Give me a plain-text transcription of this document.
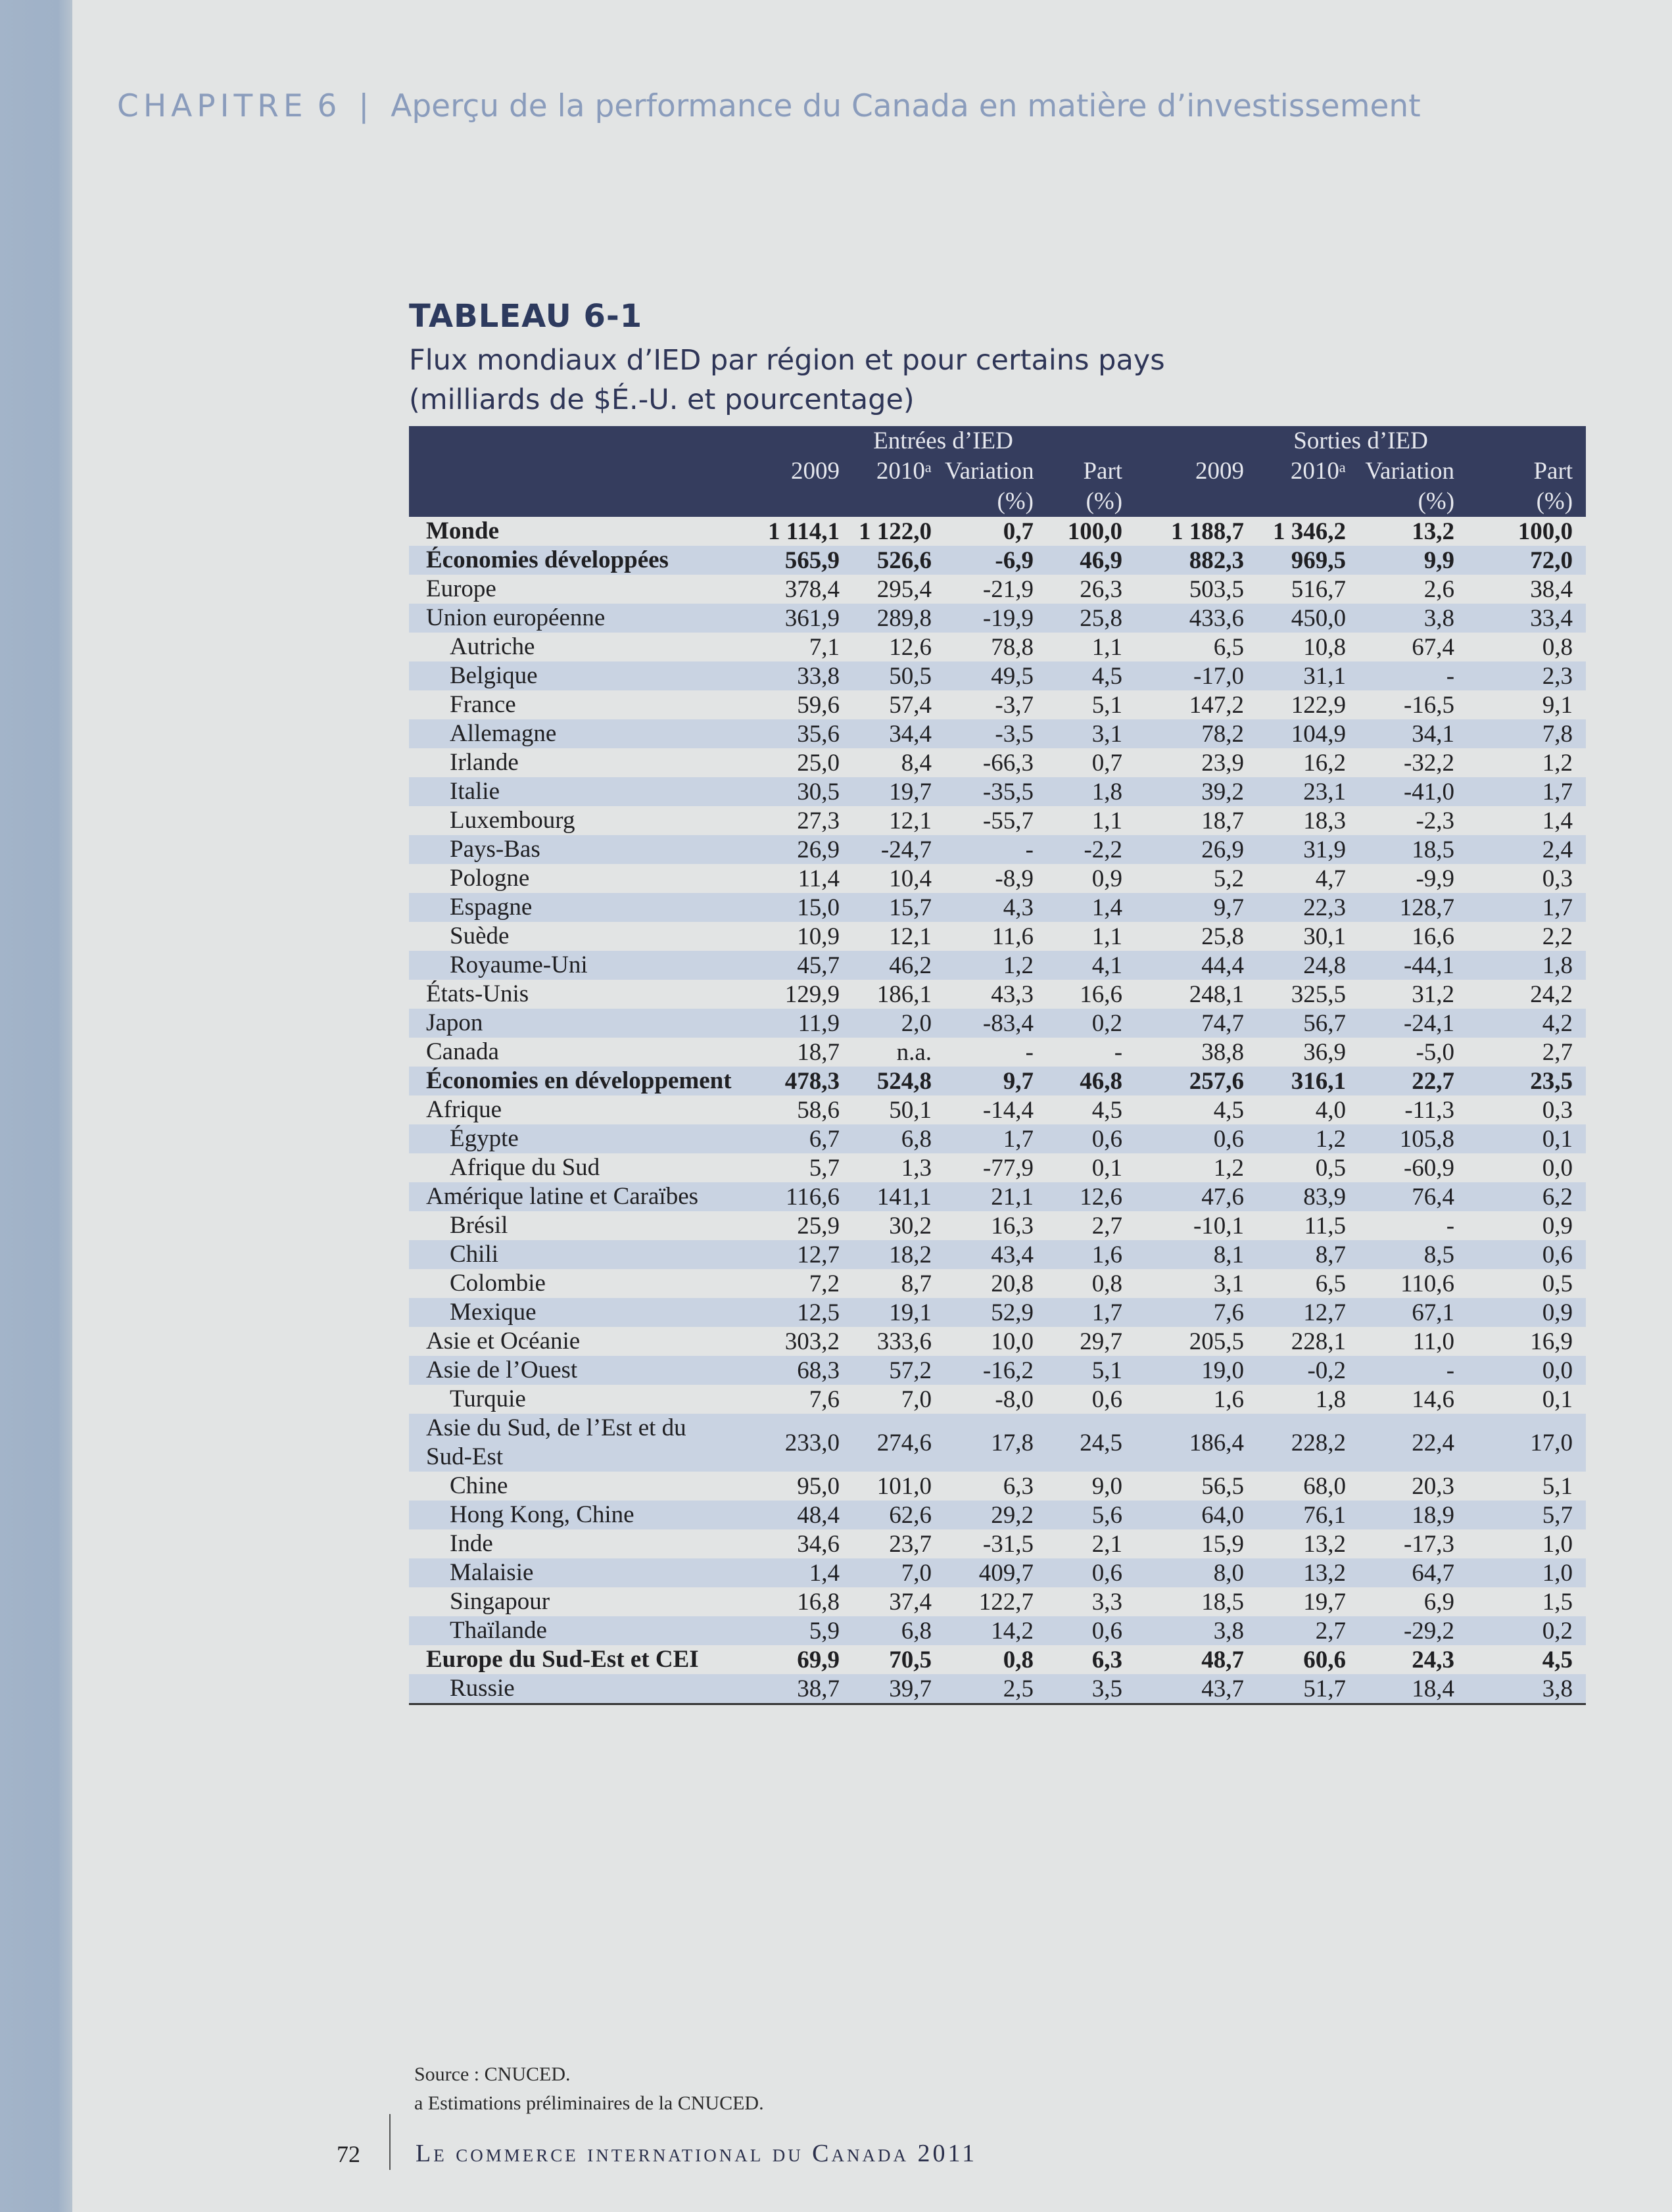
CHAPITRE 6 | Aperçu de la performance du Canada en matière d’investissement
TABLEAU 6-1
Flux mondiaux d’IED par région et pour certains pays
(milliards de $É.-U. et pourcentage)
	Entrées d’IED				Sorties d’IED			
	2009	2010ᵃ	Variation	Part	2009	2010ᵃ	Variation	Part
			(%)	(%)			(%)	(%)
Monde	1 114,1	1 122,0	0,7	100,0	1 188,7	1 346,2	13,2	100,0
Économies développées	565,9	526,6	-6,9	46,9	882,3	969,5	9,9	72,0
Europe	378,4	295,4	-21,9	26,3	503,5	516,7	2,6	38,4
Union européenne	361,9	289,8	-19,9	25,8	433,6	450,0	3,8	33,4
Autriche	7,1	12,6	78,8	1,1	6,5	10,8	67,4	0,8
Belgique	33,8	50,5	49,5	4,5	-17,0	31,1	-	2,3
France	59,6	57,4	-3,7	5,1	147,2	122,9	-16,5	9,1
Allemagne	35,6	34,4	-3,5	3,1	78,2	104,9	34,1	7,8
Irlande	25,0	8,4	-66,3	0,7	23,9	16,2	-32,2	1,2
Italie	30,5	19,7	-35,5	1,8	39,2	23,1	-41,0	1,7
Luxembourg	27,3	12,1	-55,7	1,1	18,7	18,3	-2,3	1,4
Pays-Bas	26,9	-24,7	-	-2,2	26,9	31,9	18,5	2,4
Pologne	11,4	10,4	-8,9	0,9	5,2	4,7	-9,9	0,3
Espagne	15,0	15,7	4,3	1,4	9,7	22,3	128,7	1,7
Suède	10,9	12,1	11,6	1,1	25,8	30,1	16,6	2,2
Royaume-Uni	45,7	46,2	1,2	4,1	44,4	24,8	-44,1	1,8
États-Unis	129,9	186,1	43,3	16,6	248,1	325,5	31,2	24,2
Japon	11,9	2,0	-83,4	0,2	74,7	56,7	-24,1	4,2
Canada	18,7	n.a.	-	-	38,8	36,9	-5,0	2,7
Économies en développement	478,3	524,8	9,7	46,8	257,6	316,1	22,7	23,5
Afrique	58,6	50,1	-14,4	4,5	4,5	4,0	-11,3	0,3
Égypte	6,7	6,8	1,7	0,6	0,6	1,2	105,8	0,1
Afrique du Sud	5,7	1,3	-77,9	0,1	1,2	0,5	-60,9	0,0
Amérique latine et Caraïbes	116,6	141,1	21,1	12,6	47,6	83,9	76,4	6,2
Brésil	25,9	30,2	16,3	2,7	-10,1	11,5	-	0,9
Chili	12,7	18,2	43,4	1,6	8,1	8,7	8,5	0,6
Colombie	7,2	8,7	20,8	0,8	3,1	6,5	110,6	0,5
Mexique	12,5	19,1	52,9	1,7	7,6	12,7	67,1	0,9
Asie et Océanie	303,2	333,6	10,0	29,7	205,5	228,1	11,0	16,9
Asie de l’Ouest	68,3	57,2	-16,2	5,1	19,0	-0,2	-	0,0
Turquie	7,6	7,0	-8,0	0,6	1,6	1,8	14,6	0,1
Asie du Sud, de l’Est et du Sud-Est	233,0	274,6	17,8	24,5	186,4	228,2	22,4	17,0
Chine	95,0	101,0	6,3	9,0	56,5	68,0	20,3	5,1
Hong Kong, Chine	48,4	62,6	29,2	5,6	64,0	76,1	18,9	5,7
Inde	34,6	23,7	-31,5	2,1	15,9	13,2	-17,3	1,0
Malaisie	1,4	7,0	409,7	0,6	8,0	13,2	64,7	1,0
Singapour	16,8	37,4	122,7	3,3	18,5	19,7	6,9	1,5
Thaïlande	5,9	6,8	14,2	0,6	3,8	2,7	-29,2	0,2
Europe du Sud-Est et CEI	69,9	70,5	0,8	6,3	48,7	60,6	24,3	4,5
Russie	38,7	39,7	2,5	3,5	43,7	51,7	18,4	3,8
Source : CNUCED.
a Estimations préliminaires de la CNUCED.
72 Le commerce international du Canada 2011
